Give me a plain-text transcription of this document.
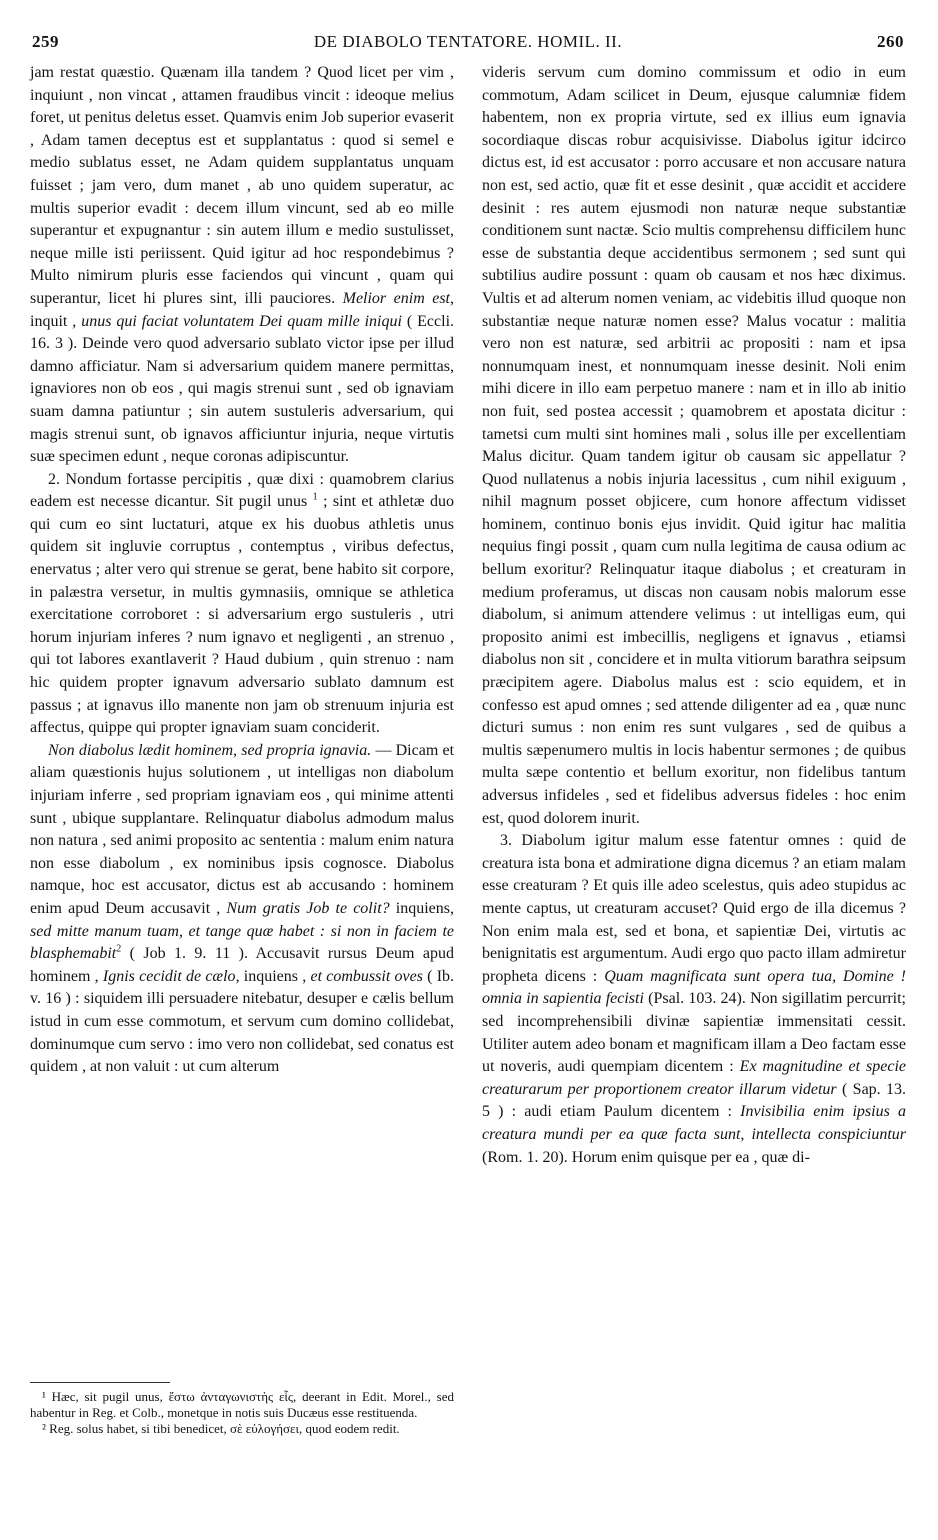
259	DE DIABOLO TENTATORE. HOMIL. II.	260

jam restat quæstio. Quænam illa tandem ? Quod licet per vim , inquiunt , non vincat , attamen fraudibus vincit : ideoque melius foret, ut penitus deletus esset. Quamvis enim Job superior evaserit , Adam tamen deceptus est et supplantatus : quod si semel e medio sublatus esset, ne Adam quidem supplantatus unquam fuisset ; jam vero, dum manet , ab uno quidem superatur, ac multis superior evadit : decem illum vincunt, sed ab eo mille superantur et expugnantur : sin autem illum e medio sustulisset, neque mille isti periissent. Quid igitur ad hoc respondebimus ? Multo nimirum pluris esse faciendos qui vincunt , quam qui superantur, licet hi plures sint, illi pauciores. Melior enim est, inquit , unus qui faciat voluntatem Dei quam mille iniqui ( Eccli. 16. 3 ). Deinde vero quod adversario sublato victor ipse per illud damno afficiatur. Nam si adversarium quidem manere permittas, ignaviores non ob eos , qui magis strenui sunt , sed ob ignaviam suam damna patiuntur ; sin autem sustuleris adversarium, qui magis strenui sunt, ob ignavos afficiuntur injuria, neque virtutis suæ specimen edunt , neque coronas adipiscuntur.

2. Nondum fortasse percipitis , quæ dixi : quamobrem clarius eadem est necesse dicantur. Sit pugil unus $^1$ ; sint et athletæ duo qui cum eo sint luctaturi, atque ex his duobus athletis unus quidem sit ingluvie corruptus , contemptus , viribus defectus, enervatus ; alter vero qui strenue se gerat, bene habito sit corpore, in palæstra versetur, in multis gymnasiis, omnique se athletica exercitatione corroboret : si adversarium ergo sustuleris , utri horum injuriam inferes ? num ignavo et negligenti , an strenuo , qui tot labores exantlaverit ? Haud dubium , quin strenuo : nam hic quidem propter ignavum adversario sublato damnum est passus ; at ignavus illo manente non jam ob strenuum injuria est affectus, quippe qui propter ignaviam suam conciderit.

Non diabolus lædit hominem, sed propria ignavia. — Dicam et aliam quæstionis hujus solutionem , ut intelligas non diabolum injuriam inferre , sed propriam ignaviam eos , qui minime attenti sunt , ubique supplantare. Relinquatur diabolus admodum malus non natura , sed animi proposito ac sententia : malum enim natura non esse diabolum , ex nominibus ipsis cognosce. Diabolus namque, hoc est accusator, dictus est ab accusando : hominem enim apud Deum accusavit , Num gratis Job te colit? inquiens, sed mitte manum tuam, et tange quæ habet : si non in faciem te blasphemabit$^2$ ( Job 1. 9. 11 ). Accusavit rursus Deum apud hominem , Ignis cecidit de cælo, inquiens , et combussit oves ( Ib. v. 16 ) : siquidem illi persuadere nitebatur, desuper e cælis bellum istud in cum esse commotum, et servum cum domino collidebat, dominumque cum servo : imo vero non collidebat, sed conatus est quidem , at non valuit : ut cum alterum

videris servum cum domino commissum et odio in eum commotum, Adam scilicet in Deum, ejusque calumniæ fidem habentem, non ex propria virtute, sed ex illius eum ignavia socordiaque discas robur acquisivisse. Diabolus igitur idcirco dictus est, id est accusator : porro accusare et non accusare natura non est, sed actio, quæ fit et esse desinit , quæ accidit et accidere desinit : res autem ejusmodi non naturæ neque substantiæ conditionem sunt nactæ. Scio multis comprehensu difficilem hunc esse de substantia deque accidentibus sermonem ; sed sunt qui subtilius audire possunt : quam ob causam et nos hæc diximus. Vultis et ad alterum nomen veniam, ac videbitis illud quoque non substantiæ neque naturæ nomen esse? Malus vocatur : malitia vero non est naturæ, sed arbitrii ac propositi : nam et ipsa nonnumquam inest, et nonnumquam inesse desinit. Noli enim mihi dicere in illo eam perpetuo manere : nam et in illo ab initio non fuit, sed postea accessit ; quamobrem et apostata dicitur : tametsi cum multi sint homines mali , solus ille per excellentiam Malus dicitur. Quam tandem igitur ob causam sic appellatur ? Quod nullatenus a nobis injuria lacessitus , cum nihil exiguum , nihil magnum posset objicere, cum honore affectum vidisset hominem, continuo bonis ejus invidit. Quid igitur hac malitia nequius fingi possit , quam cum nulla legitima de causa odium ac bellum exoritur? Relinquatur itaque diabolus ; et creaturam in medium proferamus, ut discas non causam nobis malorum esse diabolum, si animum attendere velimus : ut intelligas eum, qui proposito animi est imbecillis, negligens et ignavus , etiamsi diabolus non sit , concidere et in multa vitiorum barathra seipsum præcipitem agere. Diabolus malus est : scio equidem, et in confesso est apud omnes ; sed attende diligenter ad ea , quæ nunc dicturi sumus : non enim res sunt vulgares , sed de quibus a multis sæpenumero multis in locis habentur sermones ; de quibus multa sæpe contentio et bellum exoritur, non fidelibus tantum adversus infideles , sed et fidelibus adversus fideles : hoc enim est, quod dolorem inurit.

3. Diabolum igitur malum esse fatentur omnes : quid de creatura ista bona et admiratione digna dicemus ? an etiam malam esse creaturam ? Et quis ille adeo scelestus, quis adeo stupidus ac mente captus, ut creaturam accuset? Quid ergo de illa dicemus ? Non enim mala est, sed et bona, et sapientiæ Dei, virtutis ac benignitatis est argumentum. Audi ergo quo pacto illam admiretur propheta dicens : Quam magnificata sunt opera tua, Domine ! omnia in sapientia fecisti (Psal. 103. 24). Non sigillatim percurrit; sed incomprehensibili divinæ sapientiæ immensitati cessit. Utiliter autem adeo bonam et magnificam illam a Deo factam esse ut noveris, audi quempiam dicentem : Ex magnitudine et specie creaturarum per proportionem creator illarum videtur ( Sap. 13. 5 ) : audi etiam Paulum dicentem : Invisibilia enim ipsius a creatura mundi per ea quæ facta sunt, intellecta conspiciuntur (Rom. 1. 20). Horum enim quisque per ea , quæ di-

¹ Hæc, sit pugil unus, ἔστω ἀνταγωνιστὴς εἷς, deerant in Edit. Morel., sed habentur in Reg. et Colb., monetque in notis suis Ducæus esse restituenda.

² Reg. solus habet, si tibi benedicet, σὲ εὐλογήσει, quod eodem redit.
